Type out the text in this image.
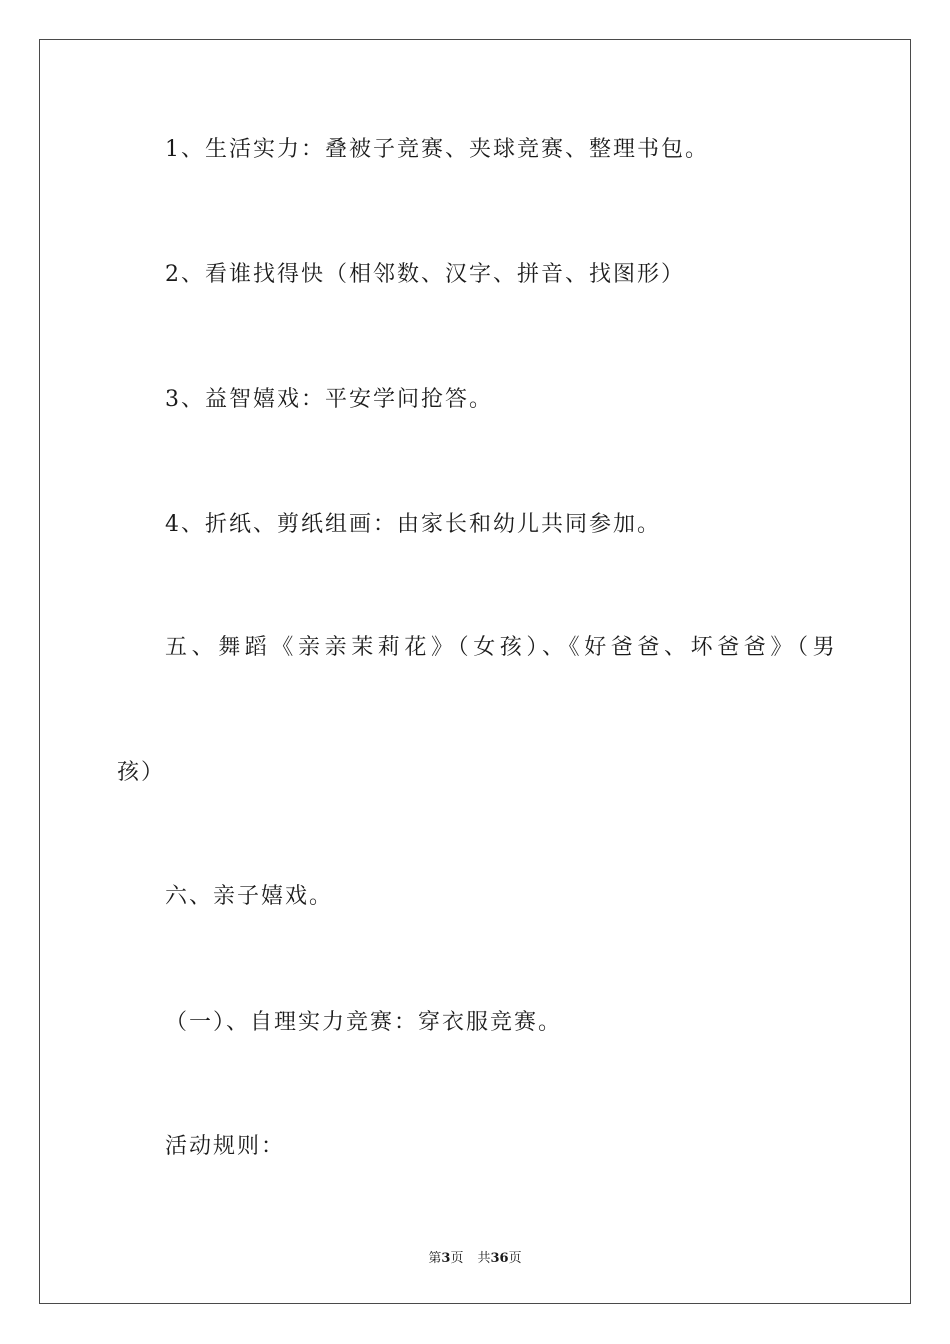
1、生活实力：叠被子竞赛、夹球竞赛、整理书包。

2、看谁找得快（相邻数、汉字、拼音、找图形）

3、益智嬉戏：平安学问抢答。

4、折纸、剪纸组画：由家长和幼儿共同参加。

五、舞蹈《亲亲茉莉花》（女孩）、《好爸爸、坏爸爸》（男

孩）

六、亲子嬉戏。

（一）、自理实力竞赛：穿衣服竞赛。

活动规则：

第3页 共36页
